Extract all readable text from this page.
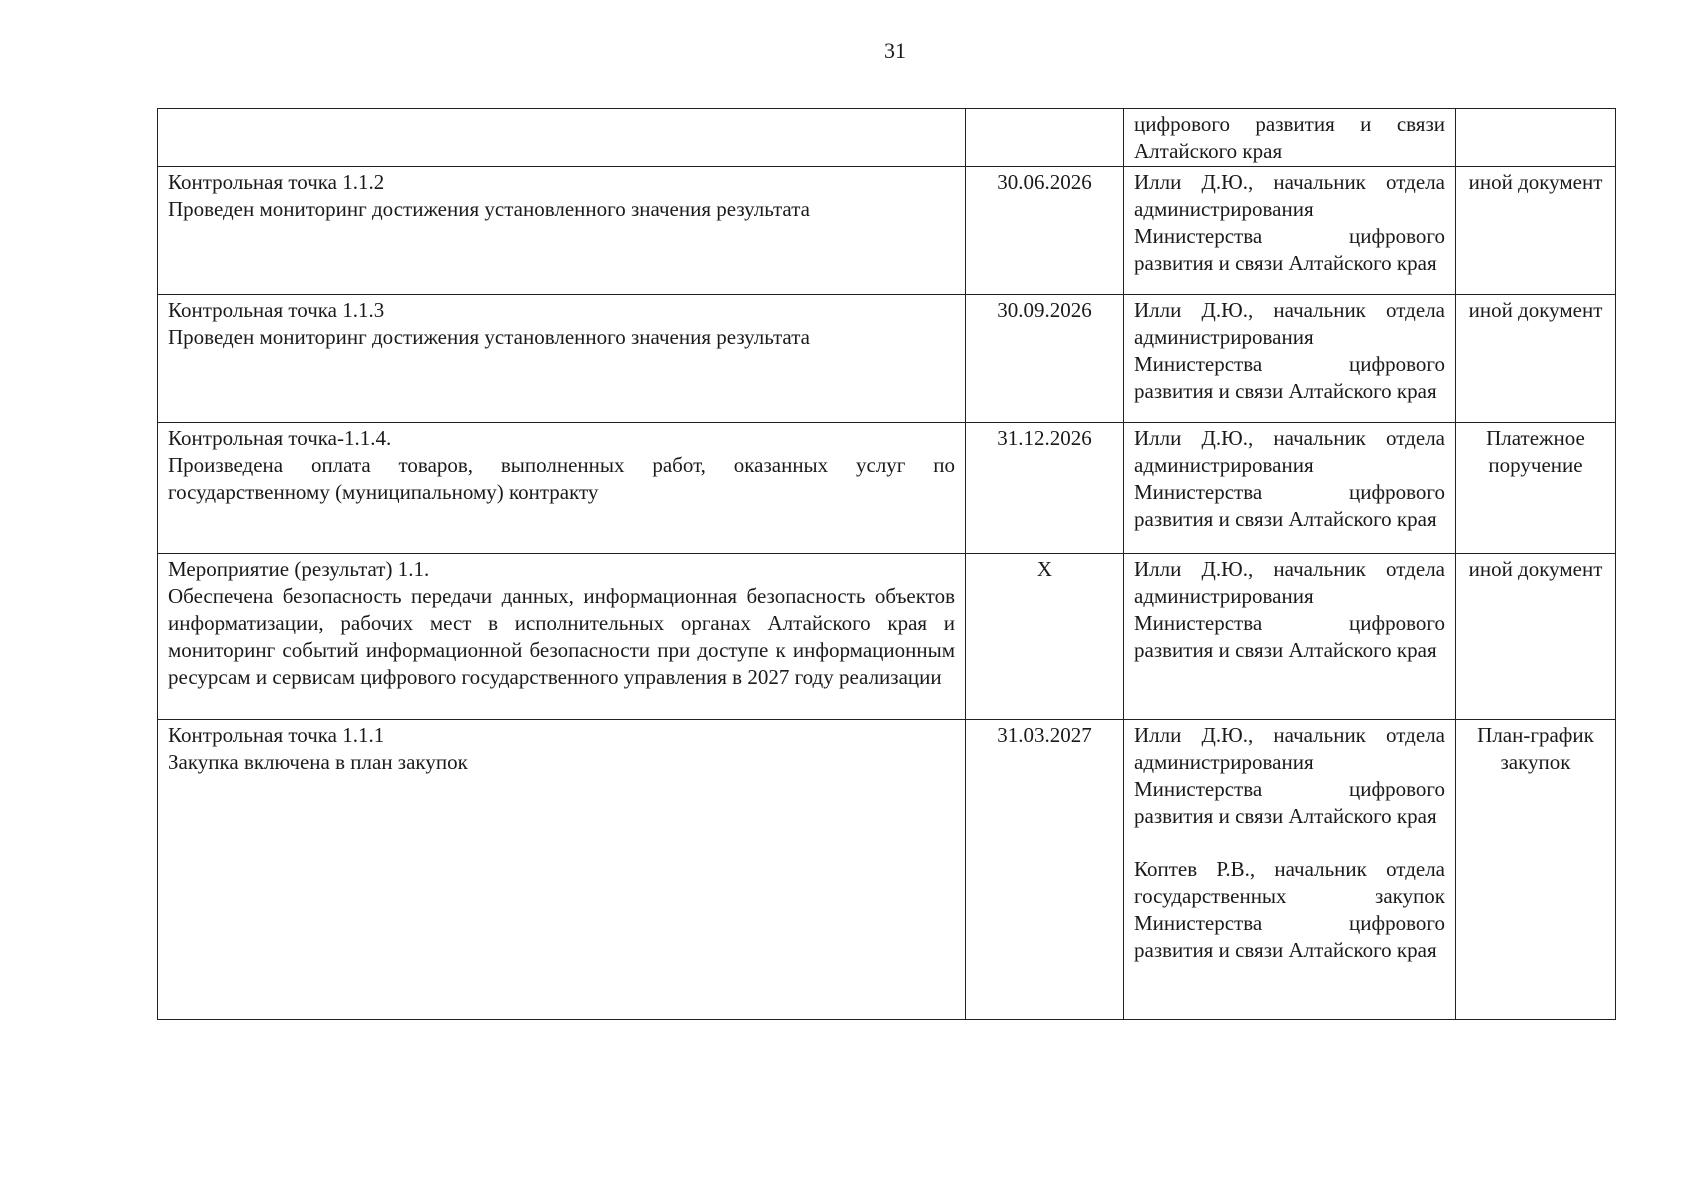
31

		цифрового развития и связи Алтайского края	

Контрольная точка 1.1.2
Проведен мониторинг достижения установленного значения результата	30.06.2026	Илли Д.Ю., начальник отдела администрирования Министерства цифрового развития и связи Алтайского края	иной документ

Контрольная точка 1.1.3
Проведен мониторинг достижения установленного значения результата	30.09.2026	Илли Д.Ю., начальник отдела администрирования Министерства цифрового развития и связи Алтайского края	иной документ

Контрольная точка-1.1.4.
Произведена оплата товаров, выполненных работ, оказанных услуг по государственному (муниципальному) контракту	31.12.2026	Илли Д.Ю., начальник отдела администрирования Министерства цифрового развития и связи Алтайского края	Платежное поручение

Мероприятие (результат) 1.1.
Обеспечена безопасность передачи данных, информационная безопасность объектов информатизации, рабочих мест в исполнительных органах Алтайского края и мониторинг событий информационной безопасности при доступе к информационным ресурсам и сервисам цифрового государственного управления в 2027 году реализации	X	Илли Д.Ю., начальник отдела администрирования Министерства цифрового развития и связи Алтайского края	иной документ

Контрольная точка 1.1.1
Закупка включена в план закупок	31.03.2027	Илли Д.Ю., начальник отдела администрирования Министерства цифрового развития и связи Алтайского края
Коптев Р.В., начальник отдела государственных закупок Министерства цифрового развития и связи Алтайского края	План-график закупок
